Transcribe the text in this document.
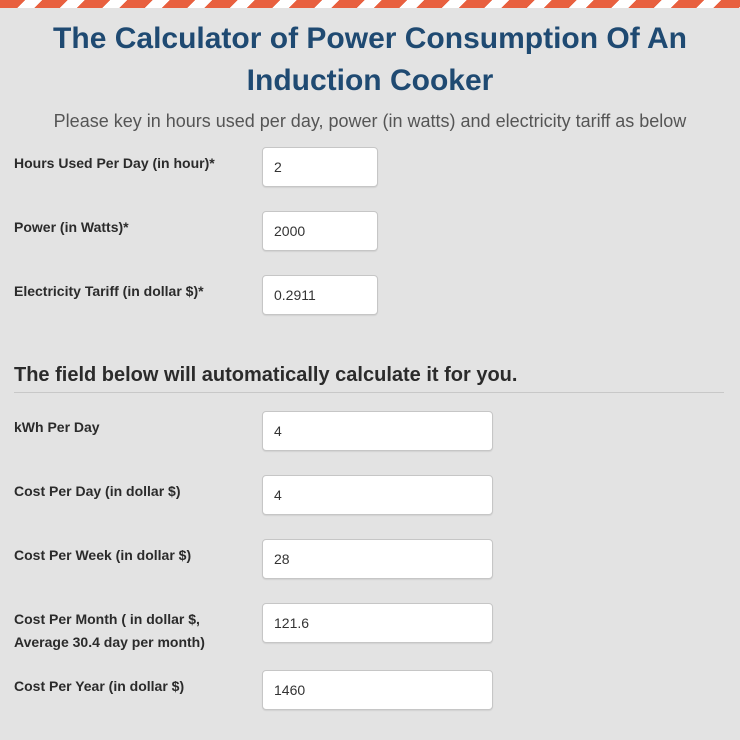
The Calculator of Power Consumption Of An Induction Cooker

Please key in hours used per day, power (in watts) and electricity tariff as below

Hours Used Per Day (in hour)*
2
Power (in Watts)*
2000
Electricity Tariff (in dollar $)*
0.2911
The field below will automatically calculate it for you.
kWh Per Day
4
Cost Per Day (in dollar $)
4
Cost Per Week (in dollar $)
28
Cost Per Month ( in dollar $, Average 30.4 day per month)
121.6
Cost Per Year (in dollar $)
1460
